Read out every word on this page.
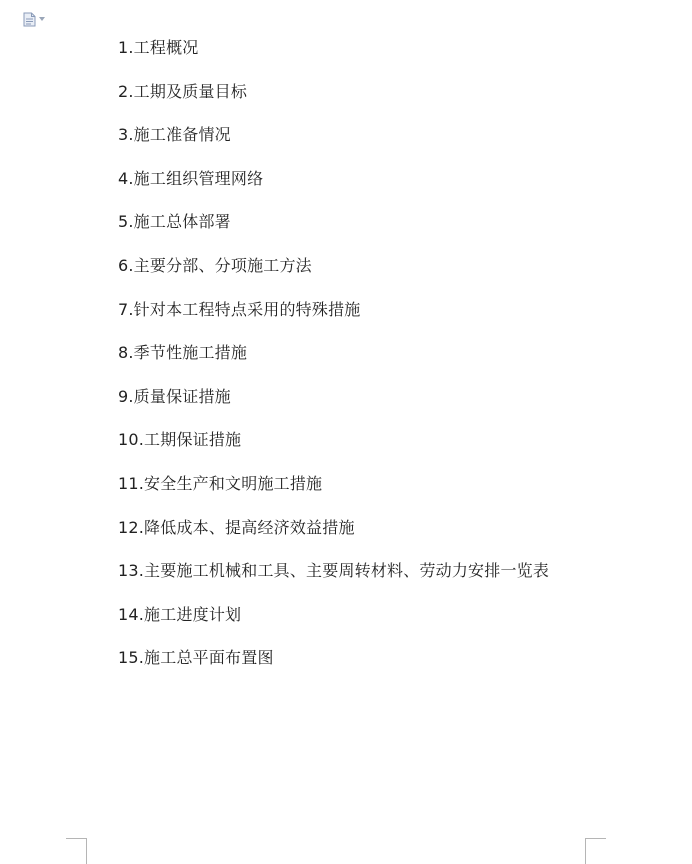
1.工程概况
2.工期及质量目标
3.施工准备情况
4.施工组织管理网络
5.施工总体部署
6.主要分部、分项施工方法
7.针对本工程特点采用的特殊措施
8.季节性施工措施
9.质量保证措施
10.工期保证措施
11.安全生产和文明施工措施
12.降低成本、提高经济效益措施
13.主要施工机械和工具、主要周转材料、劳动力安排一览表
14.施工进度计划
15.施工总平面布置图
